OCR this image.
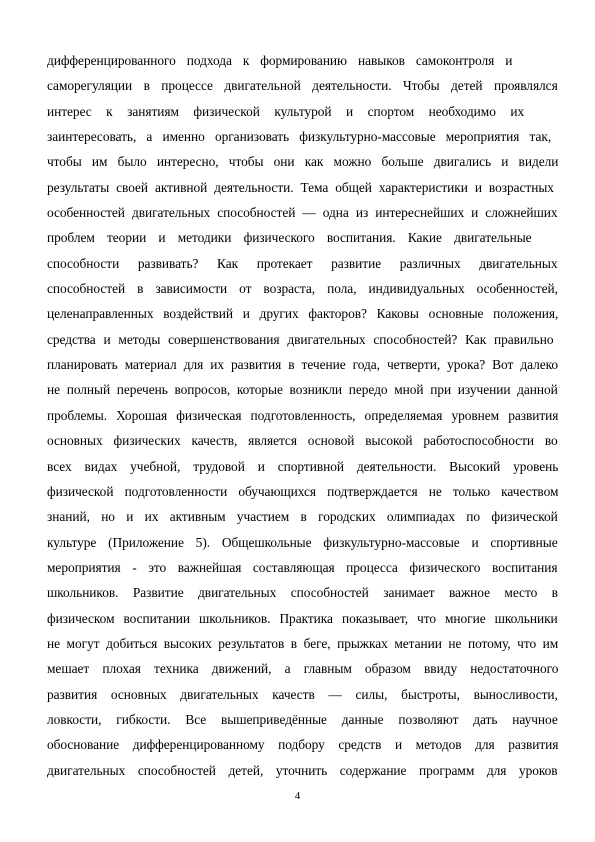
дифференцированного подхода к формированию навыков самоконтроля и
саморегуляции в процессе двигательной деятельности. Чтобы детей проявлялся
интерес к занятиям физической культурой и спортом необходимо их
заинтересовать, а именно организовать физкультурно-массовые мероприятия так,
чтобы им было интересно, чтобы они как можно больше двигались и видели
результаты своей активной деятельности. Тема общей характеристики и возрастных
особенностей двигательных способностей — одна из интереснейших и сложнейших
проблем теории и методики физического воспитания. Какие двигательные
способности развивать? Как протекает развитие различных двигательных
способностей в зависимости от возраста, пола, индивидуальных особенностей,
целенаправленных воздействий и других факторов? Каковы основные положения,
средства и методы совершенствования двигательных способностей? Как правильно
планировать материал для их развития в течение года, четверти, урока? Вот далеко
не полный перечень вопросов, которые возникли передо мной при изучении данной
проблемы. Хорошая физическая подготовленность, определяемая уровнем развития
основных физических качеств, является основой высокой работоспособности во
всех видах учебной, трудовой и спортивной деятельности. Высокий уровень
физической подготовленности обучающихся подтверждается не только качеством
знаний, но и их активным участием в городских олимпиадах по физической
культуре (Приложение 5). Общешкольные физкультурно-массовые и спортивные
мероприятия - это важнейшая составляющая процесса физического воспитания
школьников. Развитие двигательных способностей занимает важное место в
физическом воспитании школьников. Практика показывает, что многие школьники
не могут добиться высоких результатов в беге, прыжках метании не потому, что им
мешает плохая техника движений, а главным образом ввиду недостаточного
развития основных двигательных качеств — силы, быстроты, выносливости,
ловкости, гибкости. Все вышеприведённые данные позволяют дать научное
обоснование дифференцированному подбору средств и методов для развития
двигательных способностей детей, уточнить содержание программ для уроков
4
